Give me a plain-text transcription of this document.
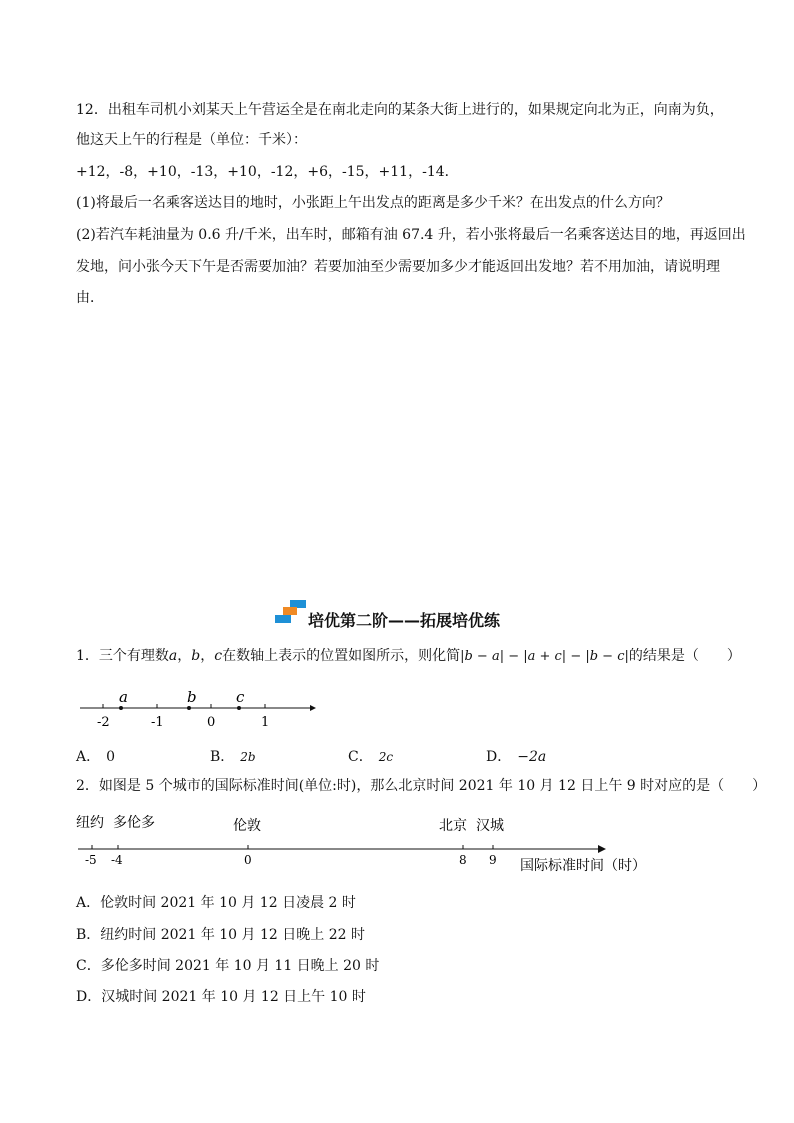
12．出租车司机小刘某天上午营运全是在南北走向的某条大街上进行的，如果规定向北为正，向南为负，
他这天上午的行程是（单位：千米）：
+12，-8，+10，-13，+10，-12，+6，-15，+11，-14．
(1)将最后一名乘客送达目的地时，小张距上午出发点的距离是多少千米？在出发点的什么方向？
(2)若汽车耗油量为 0.6 升/千米，出车时，邮箱有油 67.4 升，若小张将最后一名乘客送达目的地，再返回出
发地，问小张今天下午是否需要加油？若要加油至少需要加多少才能返回出发地？若不用加油，请说明理
由．
培优第二阶——拓展培优练
1．三个有理数a，b，c在数轴上表示的位置如图所示，则化简|b − a| − |a + c| − |b − c|的结果是（　　）
a	b	c
-2	-1	0	1
A． 0	B． 2b	C． 2c	D． −2a
2．如图是 5 个城市的国际标准时间(单位:时)，那么北京时间 2021 年 10 月 12 日上午 9 时对应的是（　　）
纽约 多伦多	伦敦	北京 汉城
-5 -4	0	8 9 国际标准时间（时）
A．伦敦时间 2021 年 10 月 12 日凌晨 2 时
B．纽约时间 2021 年 10 月 12 日晚上 22 时
C．多伦多时间 2021 年 10 月 11 日晚上 20 时
D．汉城时间 2021 年 10 月 12 日上午 10 时
